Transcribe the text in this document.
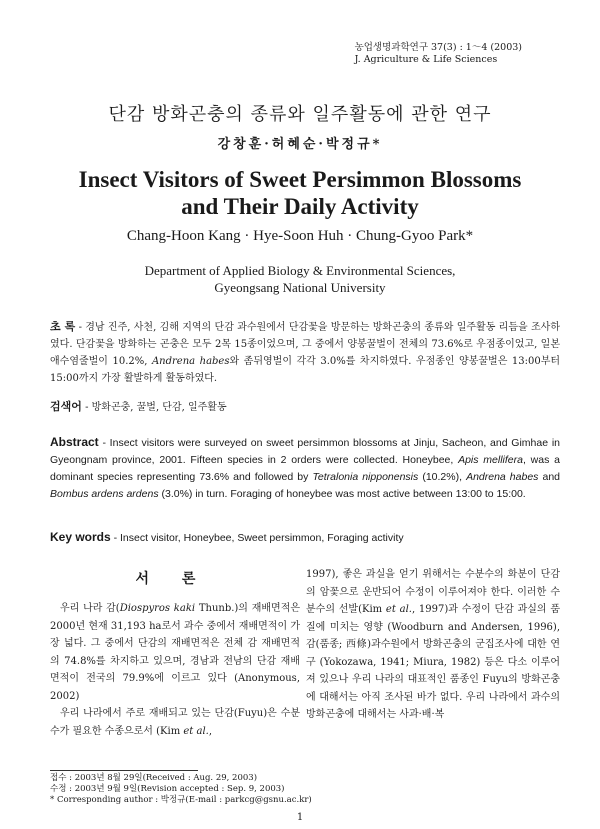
농업생명과학연구 37(3) : 1～4 (2003)
J. Agriculture & Life Sciences
단감 방화곤충의 종류와 일주활동에 관한 연구
강창훈·허혜순·박정규*
Insect Visitors of Sweet Persimmon Blossoms
and Their Daily Activity
Chang-Hoon Kang · Hye-Soon Huh · Chung-Gyoo Park*
Department of Applied Biology & Environmental Sciences,
Gyeongsang National University
초 록 - 경남 진주, 사천, 김해 지역의 단감 과수원에서 단감꽃을 방문하는 방화곤충의 종류와 일주활동 리듬을 조사하였다. 단감꽃을 방화하는 곤충은 모두 2목 15종이었으며, 그 중에서 양봉꿀벌이 전체의 73.6%로 우점종이었고, 일본애수염줄벌이 10.2%, Andrena habes와 좀뒤영벌이 각각 3.0%를 차지하였다. 우점종인 양봉꿀벌은 13:00부터 15:00까지 가장 활발하게 활동하였다.
검색어 - 방화곤충, 꿀벌, 단감, 일주활동
Abstract - Insect visitors were surveyed on sweet persimmon blossoms at Jinju, Sacheon, and Gimhae in Gyeongnam province, 2001. Fifteen species in 2 orders were collected. Honeybee, Apis mellifera, was a dominant species representing 73.6% and followed by Tetralonia nipponensis (10.2%), Andrena habes and Bombus ardens ardens (3.0%) in turn. Foraging of honeybee was most active between 13:00 to 15:00.
Key words - Insect visitor, Honeybee, Sweet persimmon, Foraging activity
서 론

우리 나라 감(Diospyros kaki Thunb.)의 재배면적은 2000년 현재 31,193 ha로서 과수 중에서 재배면적이 가장 넓다. 그 중에서 단감의 재배면적은 전체 감 재배면적의 74.8%를 차지하고 있으며, 경남과 전남의 단감 재배면적이 전국의 79.9%에 이르고 있다 (Anonymous, 2002)

우리 나라에서 주로 재배되고 있는 단감(Fuyu)은 수분수가 필요한 수종으로서 (Kim et al.,

1997), 좋은 과실을 얻기 위해서는 수분수의 화분이 단감의 암꽃으로 운반되어 수정이 이루어져야 한다. 이러한 수분수의 선발(Kim et al., 1997)과 수정이 단감 과실의 품질에 미치는 영향 (Woodburn and Andersen, 1996), 감(품종; 西條)과수원에서 방화곤충의 군집조사에 대한 연구 (Yokozawa, 1941; Miura, 1982) 등은 다소 이루어져 있으나 우리 나라의 대표적인 품종인 Fuyu의 방화곤충에 대해서는 아직 조사된 바가 없다. 우리 나라에서 과수의 방화곤충에 대해서는 사과·배·복
접수 : 2003년 8월 29일(Received : Aug. 29, 2003)
수정 : 2003년 9월 9일(Revision accepted : Sep. 9, 2003)
* Corresponding author : 박정규(E-mail : parkcg@gsnu.ac.kr)
1
